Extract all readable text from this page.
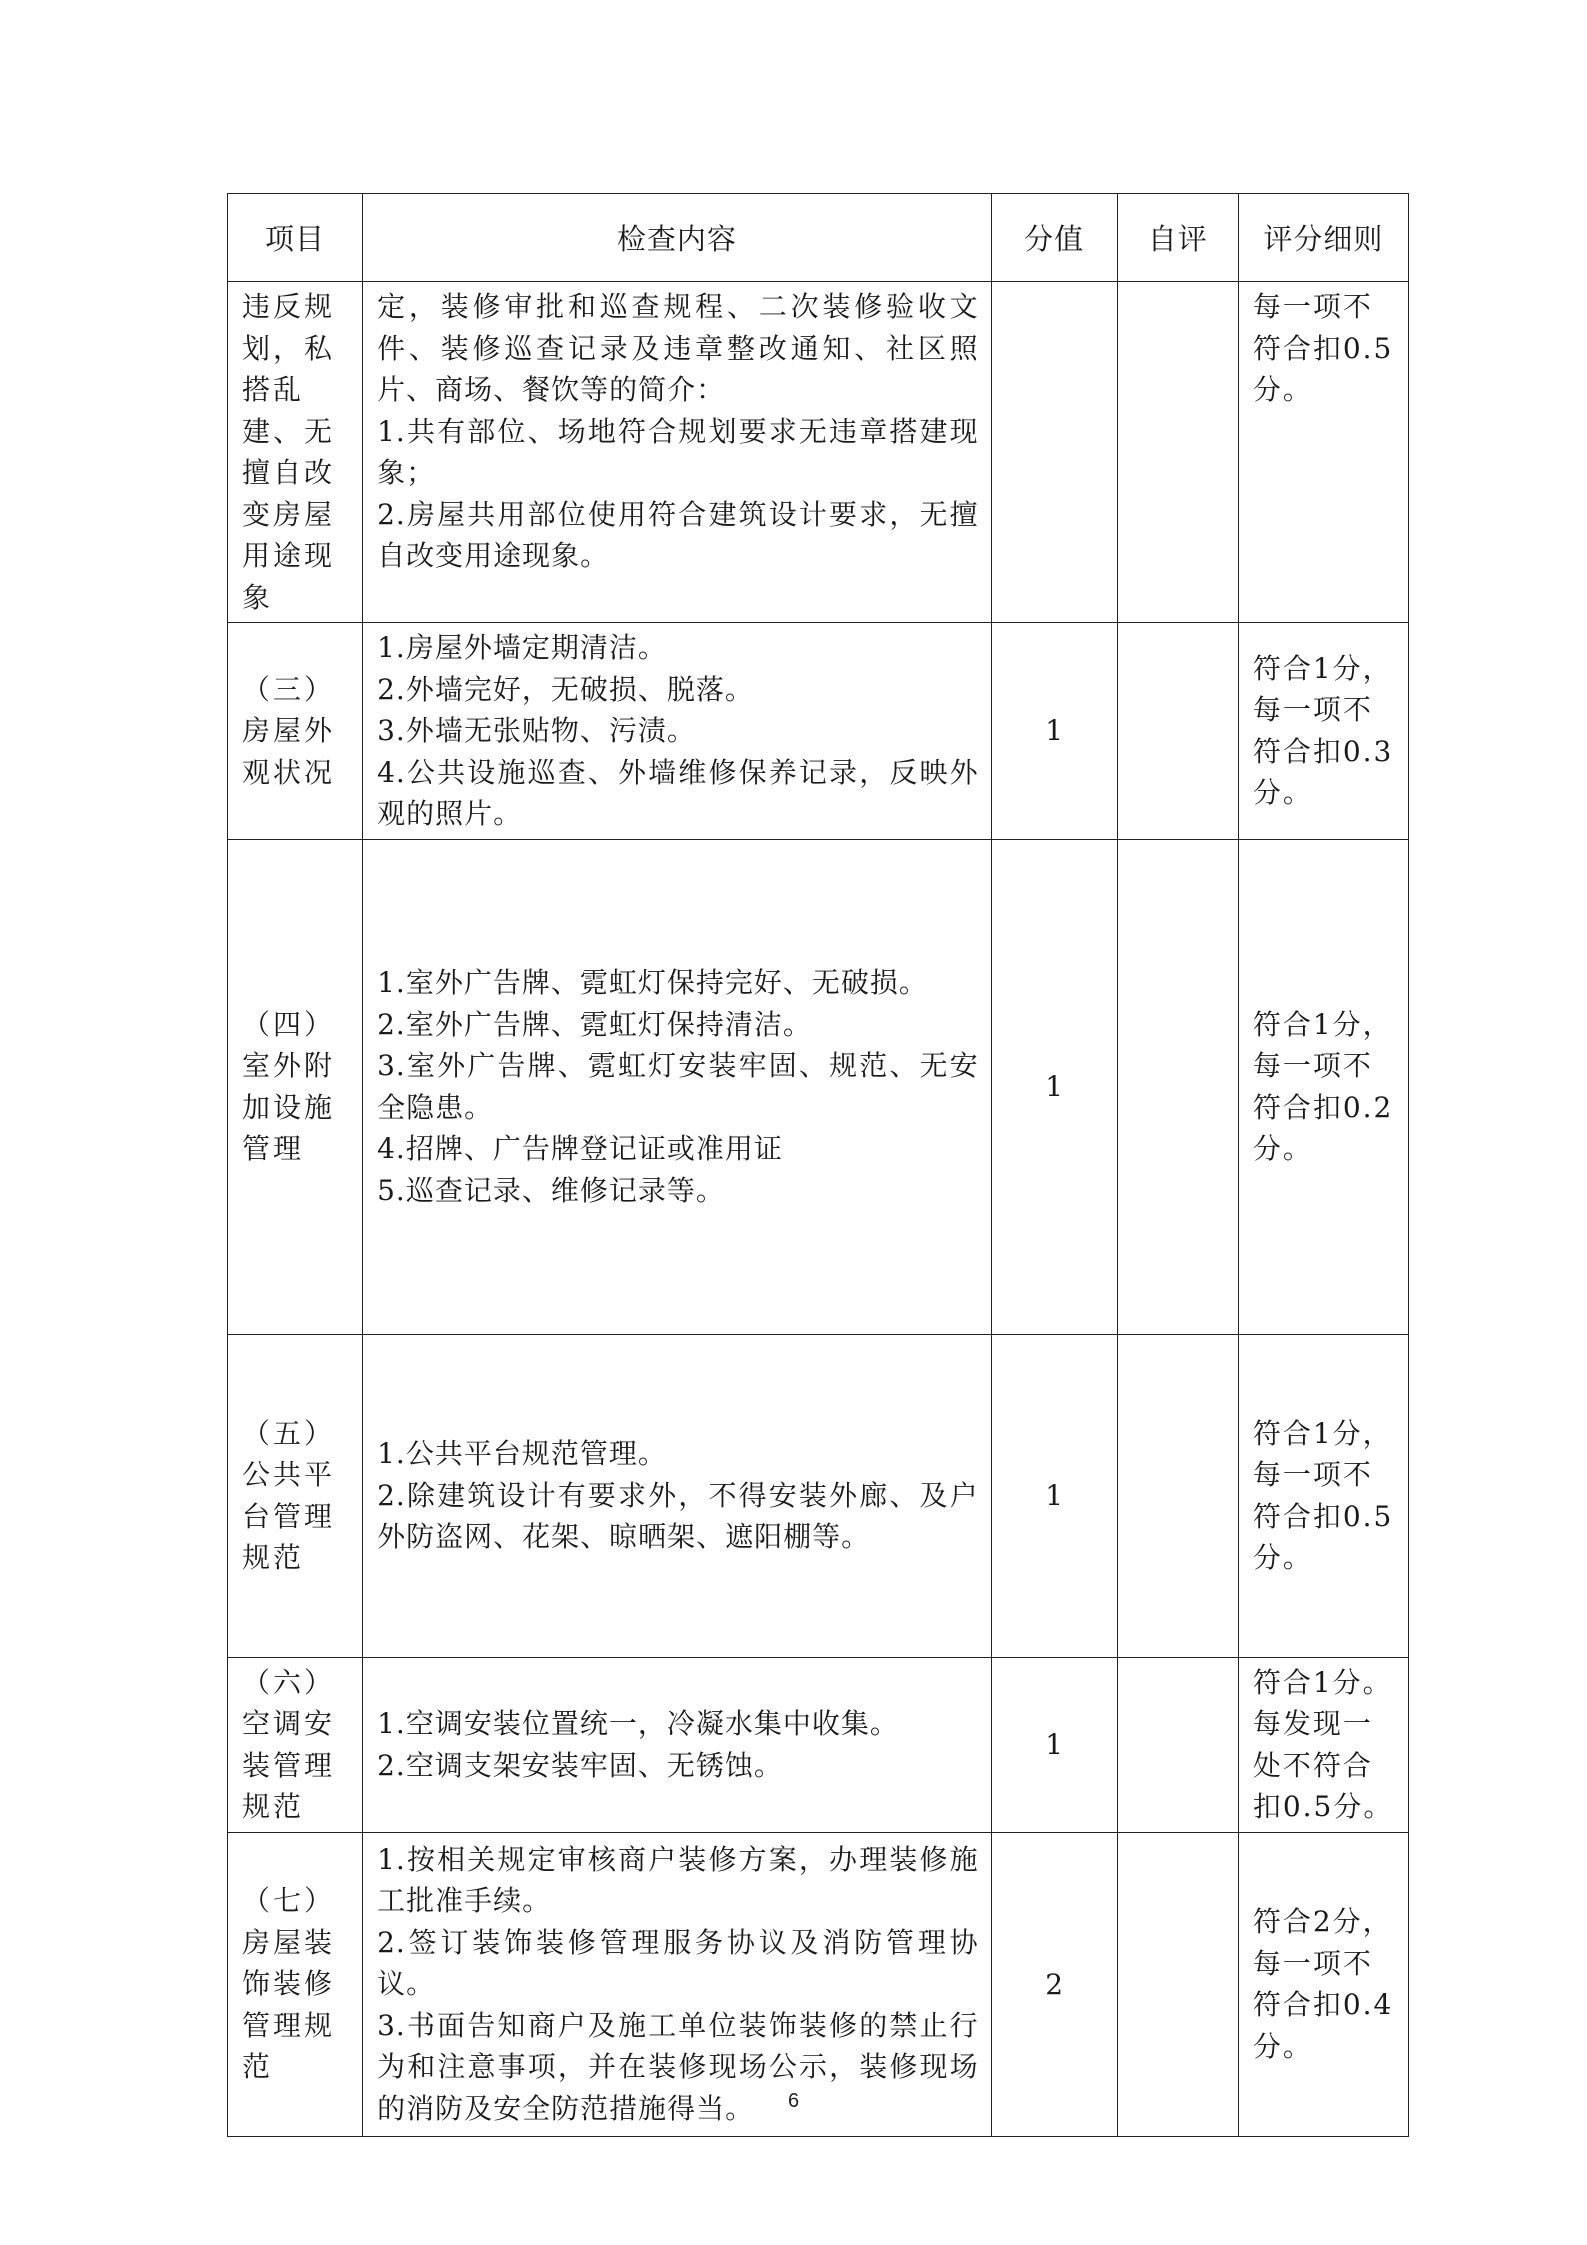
项目	检查内容	分值	自评	评分细则
违反规划，私搭乱建、无擅自改变房屋用途现象	定，装修审批和巡查规程、二次装修验收文件、装修巡查记录及违章整改通知、社区照片、商场、餐饮等的简介：
1.共有部位、场地符合规划要求无违章搭建现象；
2.房屋共用部位使用符合建筑设计要求，无擅自改变用途现象。			每一项不符合扣0.5分。
（三）房屋外观状况	1.房屋外墙定期清洁。
2.外墙完好，无破损、脱落。
3.外墙无张贴物、污渍。
4.公共设施巡查、外墙维修保养记录，反映外观的照片。	1		符合1分，每一项不符合扣0.3分。
（四）室外附加设施管理	1.室外广告牌、霓虹灯保持完好、无破损。
2.室外广告牌、霓虹灯保持清洁。
3.室外广告牌、霓虹灯安装牢固、规范、无安全隐患。
4.招牌、广告牌登记证或准用证
5.巡查记录、维修记录等。	1		符合1分，每一项不符合扣0.2分。
（五）公共平台管理规范	1.公共平台规范管理。
2.除建筑设计有要求外，不得安装外廊、及户外防盗网、花架、晾晒架、遮阳棚等。	1		符合1分，每一项不符合扣0.5分。
（六）空调安装管理规范	1.空调安装位置统一，冷凝水集中收集。
2.空调支架安装牢固、无锈蚀。	1		符合1分。每发现一处不符合扣0.5分。
（七）房屋装饰装修管理规范	1.按相关规定审核商户装修方案，办理装修施工批准手续。
2.签订装饰装修管理服务协议及消防管理协议。
3.书面告知商户及施工单位装饰装修的禁止行为和注意事项，并在装修现场公示，装修现场的消防及安全防范措施得当。	2		符合2分，每一项不符合扣0.4分。
6
